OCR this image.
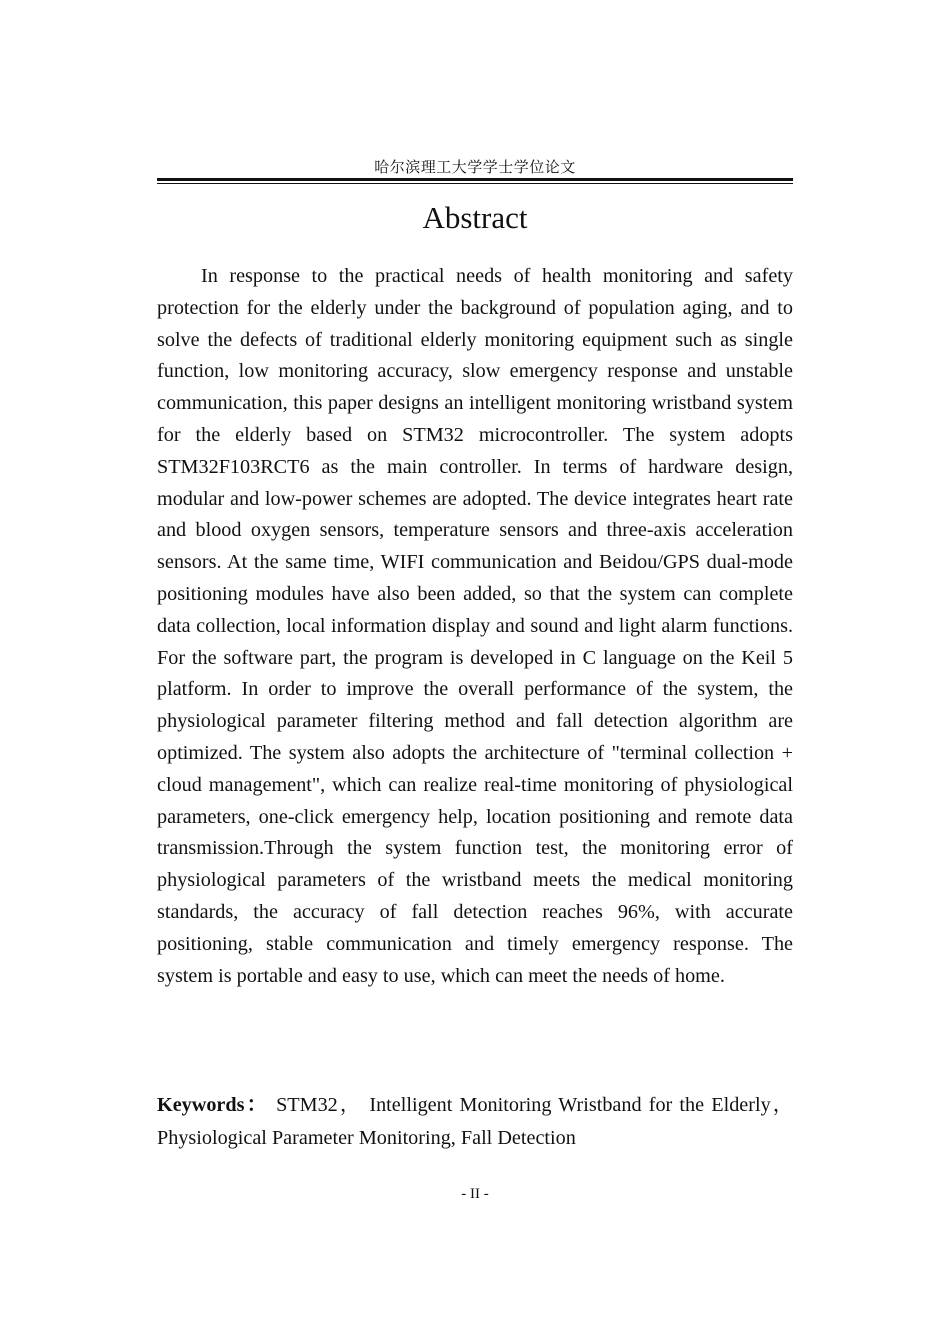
哈尔滨理工大学学士学位论文
Abstract

In response to the practical needs of health monitoring and safety protection for the elderly under the background of population aging, and to solve the defects of traditional elderly monitoring equipment such as single function, low monitoring accuracy, slow emergency response and unstable communication, this paper designs an intelligent monitoring wristband system for the elderly based on STM32 microcontroller. The system adopts STM32F103RCT6 as the main controller. In terms of hardware design, modular and low-power schemes are adopted. The device integrates heart rate and blood oxygen sensors, temperature sensors and three-axis acceleration sensors. At the same time, WIFI communication and Beidou/GPS dual-mode positioning modules have also been added, so that the system can complete data collection, local information display and sound and light alarm functions. For the software part, the program is developed in C language on the Keil 5 platform. In order to improve the overall performance of the system, the physiological parameter filtering method and fall detection algorithm are optimized. The system also adopts the architecture of "terminal collection + cloud management", which can realize real-time monitoring of physiological parameters, one-click emergency help, location positioning and remote data transmission.Through the system function test, the monitoring error of physiological parameters of the wristband meets the medical monitoring standards, the accuracy of fall detection reaches 96%, with accurate positioning, stable communication and timely emergency response. The system is portable and easy to use, which can meet the needs of home.

Keywords： STM32， Intelligent Monitoring Wristband for the Elderly， Physiological Parameter Monitoring, Fall Detection

- II -
